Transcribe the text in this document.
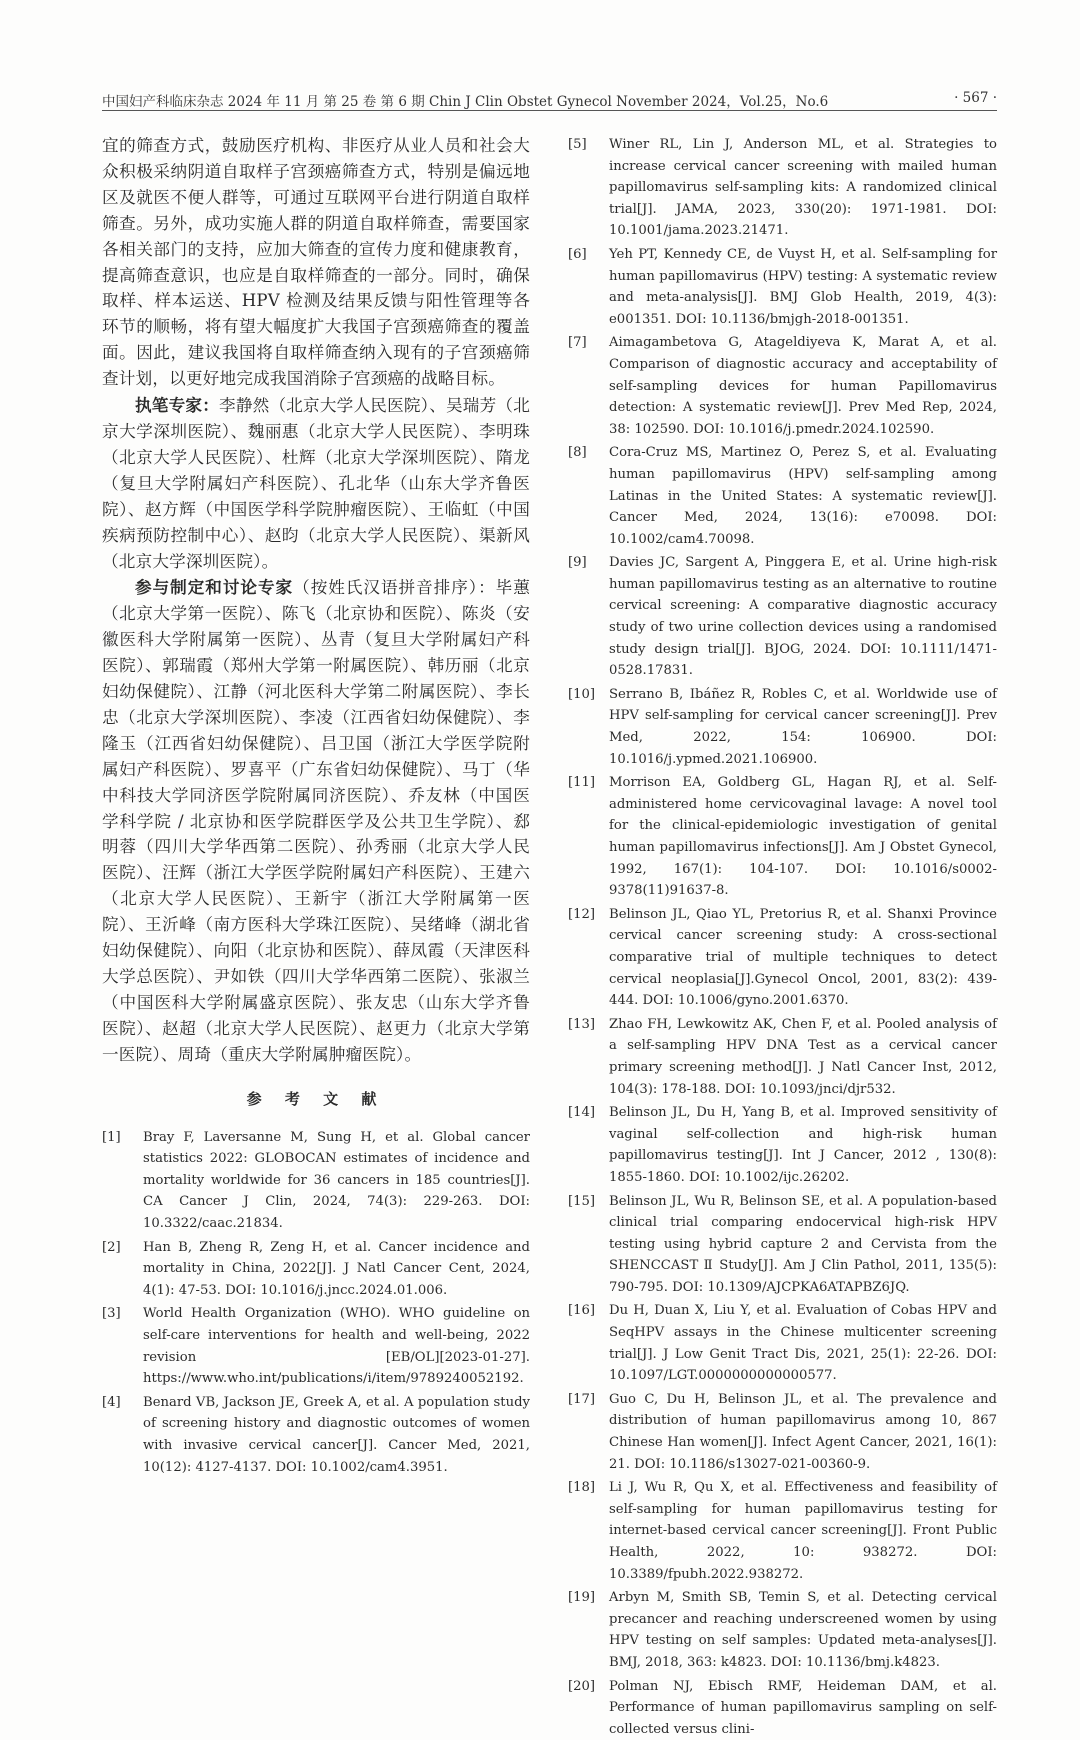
中国妇产科临床杂志 2024 年 11 月 第 25 卷 第 6 期 Chin J Clin Obstet Gynecol November 2024，Vol.25，No.6	· 567 ·

宜的筛查方式，鼓励医疗机构、非医疗从业人员和社会大众积极采纳阴道自取样子宫颈癌筛查方式，特别是偏远地区及就医不便人群等，可通过互联网平台进行阴道自取样筛查。另外，成功实施人群的阴道自取样筛查，需要国家各相关部门的支持，应加大筛查的宣传力度和健康教育，提高筛查意识，也应是自取样筛查的一部分。同时，确保取样、样本运送、HPV 检测及结果反馈与阳性管理等各环节的顺畅，将有望大幅度扩大我国子宫颈癌筛查的覆盖面。因此，建议我国将自取样筛查纳入现有的子宫颈癌筛查计划，以更好地完成我国消除子宫颈癌的战略目标。

执笔专家：李静然（北京大学人民医院）、吴瑞芳（北京大学深圳医院）、魏丽惠（北京大学人民医院）、李明珠（北京大学人民医院）、杜辉（北京大学深圳医院）、隋龙（复旦大学附属妇产科医院）、孔北华（山东大学齐鲁医院）、赵方辉（中国医学科学院肿瘤医院）、王临虹（中国疾病预防控制中心）、赵昀（北京大学人民医院）、渠新风（北京大学深圳医院）。

参与制定和讨论专家（按姓氏汉语拼音排序）：毕蕙（北京大学第一医院）、陈飞（北京协和医院）、陈炎（安徽医科大学附属第一医院）、丛青（复旦大学附属妇产科医院）、郭瑞霞（郑州大学第一附属医院）、韩历丽（北京妇幼保健院）、江静（河北医科大学第二附属医院）、李长忠（北京大学深圳医院）、李凌（江西省妇幼保健院）、李隆玉（江西省妇幼保健院）、吕卫国（浙江大学医学院附属妇产科医院）、罗喜平（广东省妇幼保健院）、马丁（华中科技大学同济医学院附属同济医院）、乔友林（中国医学科学院 / 北京协和医学院群医学及公共卫生学院）、郄明蓉（四川大学华西第二医院）、孙秀丽（北京大学人民医院）、汪辉（浙江大学医学院附属妇产科医院）、王建六（北京大学人民医院）、王新宇（浙江大学附属第一医院）、王沂峰（南方医科大学珠江医院）、吴绪峰（湖北省妇幼保健院）、向阳（北京协和医院）、薛凤霞（天津医科大学总医院）、尹如铁（四川大学华西第二医院）、张淑兰（中国医科大学附属盛京医院）、张友忠（山东大学齐鲁医院）、赵超（北京大学人民医院）、赵更力（北京大学第一医院）、周琦（重庆大学附属肿瘤医院）。

参 考 文 献
[1]	Bray F, Laversanne M, Sung H, et al. Global cancer statistics 2022: GLOBOCAN estimates of incidence and mortality worldwide for 36 cancers in 185 countries[J]. CA Cancer J Clin, 2024, 74(3): 229-263. DOI: 10.3322/caac.21834.
[2]	Han B, Zheng R, Zeng H, et al. Cancer incidence and mortality in China, 2022[J]. J Natl Cancer Cent, 2024, 4(1): 47-53. DOI: 10.1016/j.jncc.2024.01.006.
[3]	World Health Organization (WHO). WHO guideline on self-care interventions for health and well-being, 2022 revision [EB/OL][2023-01-27]. https://www.who.int/publications/i/item/9789240052192.
[4]	Benard VB, Jackson JE, Greek A, et al. A population study of screening history and diagnostic outcomes of women with invasive cervical cancer[J]. Cancer Med, 2021, 10(12): 4127-4137. DOI: 10.1002/cam4.3951.
[5]	Winer RL, Lin J, Anderson ML, et al. Strategies to increase cervical cancer screening with mailed human papillomavirus self-sampling kits: A randomized clinical trial[J]. JAMA, 2023, 330(20): 1971-1981. DOI: 10.1001/jama.2023.21471.
[6]	Yeh PT, Kennedy CE, de Vuyst H, et al. Self-sampling for human papillomavirus (HPV) testing: A systematic review and meta-analysis[J]. BMJ Glob Health, 2019, 4(3): e001351. DOI: 10.1136/bmjgh-2018-001351.
[7]	Aimagambetova G, Atageldiyeva K, Marat A, et al. Comparison of diagnostic accuracy and acceptability of self-sampling devices for human Papillomavirus detection: A systematic review[J]. Prev Med Rep, 2024, 38: 102590. DOI: 10.1016/j.pmedr.2024.102590.
[8]	Cora-Cruz MS, Martinez O, Perez S, et al. Evaluating human papillomavirus (HPV) self-sampling among Latinas in the United States: A systematic review[J]. Cancer Med, 2024, 13(16): e70098. DOI: 10.1002/cam4.70098.
[9]	Davies JC, Sargent A, Pinggera E, et al. Urine high-risk human papillomavirus testing as an alternative to routine cervical screening: A comparative diagnostic accuracy study of two urine collection devices using a randomised study design trial[J]. BJOG, 2024. DOI: 10.1111/1471-0528.17831.
[10]	Serrano B, Ibáñez R, Robles C, et al. Worldwide use of HPV self-sampling for cervical cancer screening[J]. Prev Med, 2022, 154: 106900. DOI: 10.1016/j.ypmed.2021.106900.
[11]	Morrison EA, Goldberg GL, Hagan RJ, et al. Self-administered home cervicovaginal lavage: A novel tool for the clinical-epidemiologic investigation of genital human papillomavirus infections[J]. Am J Obstet Gynecol, 1992, 167(1): 104-107. DOI: 10.1016/s0002-9378(11)91637-8.
[12]	Belinson JL, Qiao YL, Pretorius R, et al. Shanxi Province cervical cancer screening study: A cross-sectional comparative trial of multiple techniques to detect cervical neoplasia[J].Gynecol Oncol, 2001, 83(2): 439-444. DOI: 10.1006/gyno.2001.6370.
[13]	Zhao FH, Lewkowitz AK, Chen F, et al. Pooled analysis of a self-sampling HPV DNA Test as a cervical cancer primary screening method[J]. J Natl Cancer Inst, 2012, 104(3): 178-188. DOI: 10.1093/jnci/djr532.
[14]	Belinson JL, Du H, Yang B, et al. Improved sensitivity of vaginal self-collection and high-risk human papillomavirus testing[J]. Int J Cancer, 2012 , 130(8): 1855-1860. DOI: 10.1002/ijc.26202.
[15]	Belinson JL, Wu R, Belinson SE, et al. A population-based clinical trial comparing endocervical high-risk HPV testing using hybrid capture 2 and Cervista from the SHENCCAST Ⅱ Study[J]. Am J Clin Pathol, 2011, 135(5): 790-795. DOI: 10.1309/AJCPKA6ATAPBZ6JQ.
[16]	Du H, Duan X, Liu Y, et al. Evaluation of Cobas HPV and SeqHPV assays in the Chinese multicenter screening trial[J]. J Low Genit Tract Dis, 2021, 25(1): 22-26. DOI: 10.1097/LGT.0000000000000577.
[17]	Guo C, Du H, Belinson JL, et al. The prevalence and distribution of human papillomavirus among 10, 867 Chinese Han women[J]. Infect Agent Cancer, 2021, 16(1): 21. DOI: 10.1186/s13027-021-00360-9.
[18]	Li J, Wu R, Qu X, et al. Effectiveness and feasibility of self-sampling for human papillomavirus testing for internet-based cervical cancer screening[J]. Front Public Health, 2022, 10: 938272. DOI: 10.3389/fpubh.2022.938272.
[19]	Arbyn M, Smith SB, Temin S, et al. Detecting cervical precancer and reaching underscreened women by using HPV testing on self samples: Updated meta-analyses[J]. BMJ, 2018, 363: k4823. DOI: 10.1136/bmj.k4823.
[20]	Polman NJ, Ebisch RMF, Heideman DAM, et al. Performance of human papillomavirus sampling on self-collected versus clini-
